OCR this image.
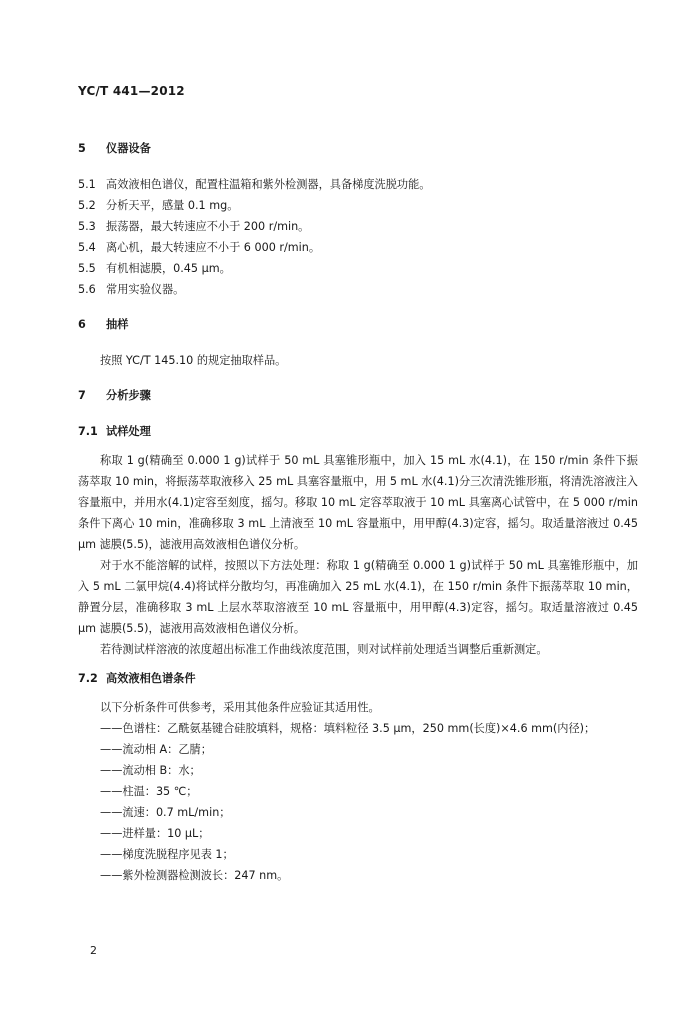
YC/T 441—2012
5 仪器设备
5.1 高效液相色谱仪，配置柱温箱和紫外检测器，具备梯度洗脱功能。
5.2 分析天平，感量 0.1 mg。
5.3 振荡器，最大转速应不小于 200 r/min。
5.4 离心机，最大转速应不小于 6 000 r/min。
5.5 有机相滤膜，0.45 μm。
5.6 常用实验仪器。
6 抽样

按照 YC/T 145.10 的规定抽取样品。

7 分析步骤
7.1 试样处理

称取 1 g(精确至 0.000 1 g)试样于 50 mL 具塞锥形瓶中，加入 15 mL 水(4.1)，在 150 r/min 条件下振荡萃取 10 min，将振荡萃取液移入 25 mL 具塞容量瓶中，用 5 mL 水(4.1)分三次清洗锥形瓶，将清洗溶液注入容量瓶中，并用水(4.1)定容至刻度，摇匀。移取 10 mL 定容萃取液于 10 mL 具塞离心试管中，在 5 000 r/min 条件下离心 10 min，准确移取 3 mL 上清液至 10 mL 容量瓶中，用甲醇(4.3)定容，摇匀。取适量溶液过 0.45 μm 滤膜(5.5)，滤液用高效液相色谱仪分析。

对于水不能溶解的试样，按照以下方法处理：称取 1 g(精确至 0.000 1 g)试样于 50 mL 具塞锥形瓶中，加入 5 mL 二氯甲烷(4.4)将试样分散均匀，再准确加入 25 mL 水(4.1)，在 150 r/min 条件下振荡萃取 10 min，静置分层，准确移取 3 mL 上层水萃取溶液至 10 mL 容量瓶中，用甲醇(4.3)定容，摇匀。取适量溶液过 0.45 μm 滤膜(5.5)，滤液用高效液相色谱仪分析。

若待测试样溶液的浓度超出标准工作曲线浓度范围，则对试样前处理适当调整后重新测定。

7.2 高效液相色谱条件

以下分析条件可供参考，采用其他条件应验证其适用性。

——色谱柱：乙酰氨基键合硅胶填料，规格：填料粒径 3.5 μm，250 mm(长度)×4.6 mm(内径)；
——流动相 A：乙腈；
——流动相 B：水；
——柱温：35 ℃；
——流速：0.7 mL/min；
——进样量：10 μL；
——梯度洗脱程序见表 1；
——紫外检测器检测波长：247 nm。
2
